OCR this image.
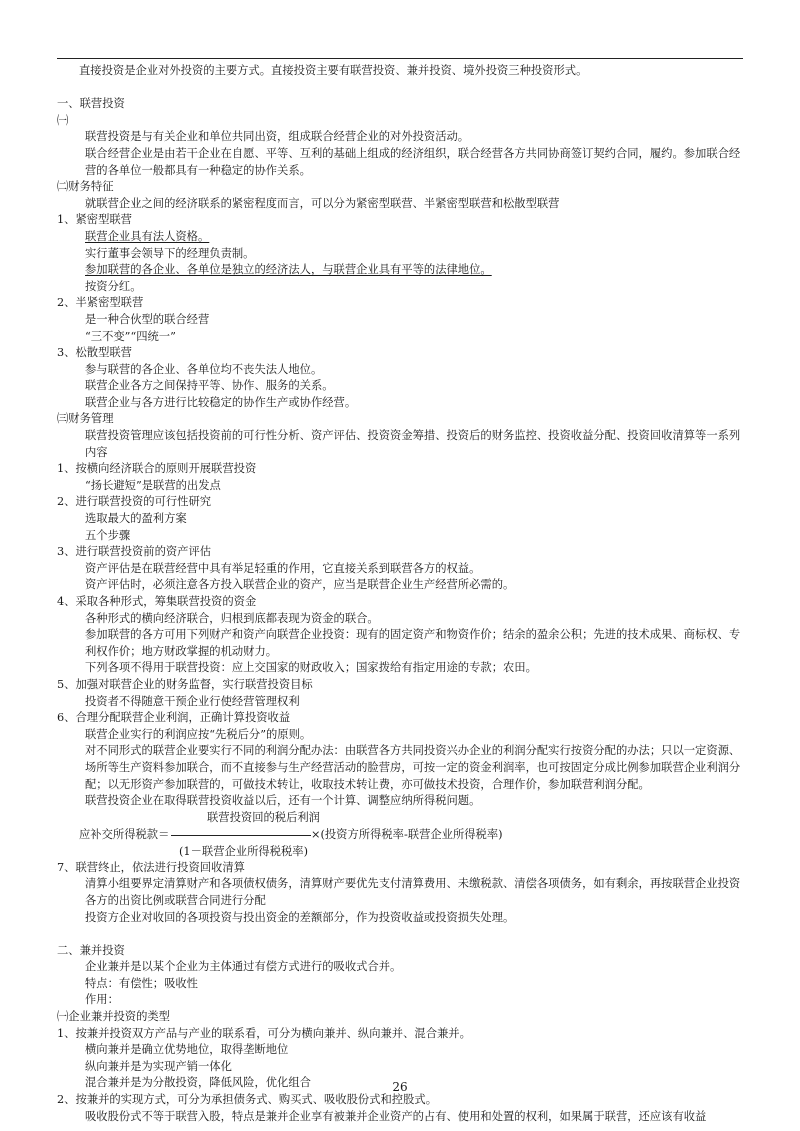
直接投资是企业对外投资的主要方式。直接投资主要有联营投资、兼并投资、境外投资三种投资形式。
一、联营投资
㈠
联营投资是与有关企业和单位共同出资，组成联合经营企业的对外投资活动。
联合经营企业是由若干企业在自愿、平等、互利的基础上组成的经济组织，联合经营各方共同协商签订契约合同，履约。参加联合经营的各单位一般都具有一种稳定的协作关系。
㈡财务特征
就联营企业之间的经济联系的紧密程度而言，可以分为紧密型联营、半紧密型联营和松散型联营
1、紧密型联营
联营企业具有法人资格。
实行董事会领导下的经理负责制。
参加联营的各企业、各单位是独立的经济法人，与联营企业具有平等的法律地位。
按资分红。
2、半紧密型联营
是一种合伙型的联合经营
“三不变”“四统一”
3、松散型联营
参与联营的各企业、各单位均不丧失法人地位。
联营企业各方之间保持平等、协作、服务的关系。
联营企业与各方进行比较稳定的协作生产或协作经营。
㈢财务管理
联营投资管理应该包括投资前的可行性分析、资产评估、投资资金筹措、投资后的财务监控、投资收益分配、投资回收清算等一系列内容
1、按横向经济联合的原则开展联营投资
“扬长避短”是联营的出发点
2、进行联营投资的可行性研究
选取最大的盈利方案
五个步骤
3、进行联营投资前的资产评估
资产评估是在联营经营中具有举足轻重的作用，它直接关系到联营各方的权益。
资产评估时，必须注意各方投入联营企业的资产，应当是联营企业生产经营所必需的。
4、采取各种形式，筹集联营投资的资金
各种形式的横向经济联合，归根到底都表现为资金的联合。
参加联营的各方可用下列财产和资产向联营企业投资：现有的固定资产和物资作价；结余的盈余公积；先进的技术成果、商标权、专利权作价；地方财政掌握的机动财力。
下列各项不得用于联营投资：应上交国家的财政收入；国家拨给有指定用途的专款；农田。
5、加强对联营企业的财务监督，实行联营投资目标
投资者不得随意干预企业行使经营管理权利
6、合理分配联营企业利润，正确计算投资收益
联营企业实行的利润应按“先税后分”的原则。
对不同形式的联营企业要实行不同的利润分配办法：由联营各方共同投资兴办企业的利润分配实行按资分配的办法；只以一定资源、场所等生产资料参加联合，而不直接参与生产经营活动的脸营房，可按一定的资金利润率，也可按固定分成比例参加联营企业利润分配；以无形资产参加联营的，可做技术转让，收取技术转让费，亦可做技术投资，合理作价，参加联营利润分配。
联营投资企业在取得联营投资收益以后，还有一个计算、调整应纳所得税问题。
联营投资回的税后利润
应补交所得税款＝	×(投资方所得税率-联营企业所得税率)
(1－联营企业所得税税率)
7、联营终止，依法进行投资回收清算
清算小组要界定清算财产和各项债权债务，清算财产要优先支付清算费用、未缴税款、清偿各项债务，如有剩余，再按联营企业投资各方的出资比例或联营合同进行分配
投资方企业对收回的各项投资与投出资金的差额部分，作为投资收益或投资损失处理。
二、兼并投资
企业兼并是以某个企业为主体通过有偿方式进行的吸收式合并。
特点：有偿性；吸收性
作用：
㈠企业兼并投资的类型
1、按兼并投资双方产品与产业的联系看，可分为横向兼并、纵向兼并、混合兼并。
横向兼并是确立优势地位，取得垄断地位
纵向兼并是为实现产销一体化
混合兼并是为分散投资，降低风险，优化组合
2、按兼并的实现方式，可分为承担债务式、购买式、吸收股份式和控股式。
吸收股份式不等于联营入股，特点是兼并企业享有被兼并企业资产的占有、使用和处置的权利，如果属于联营，还应该有收益
26
